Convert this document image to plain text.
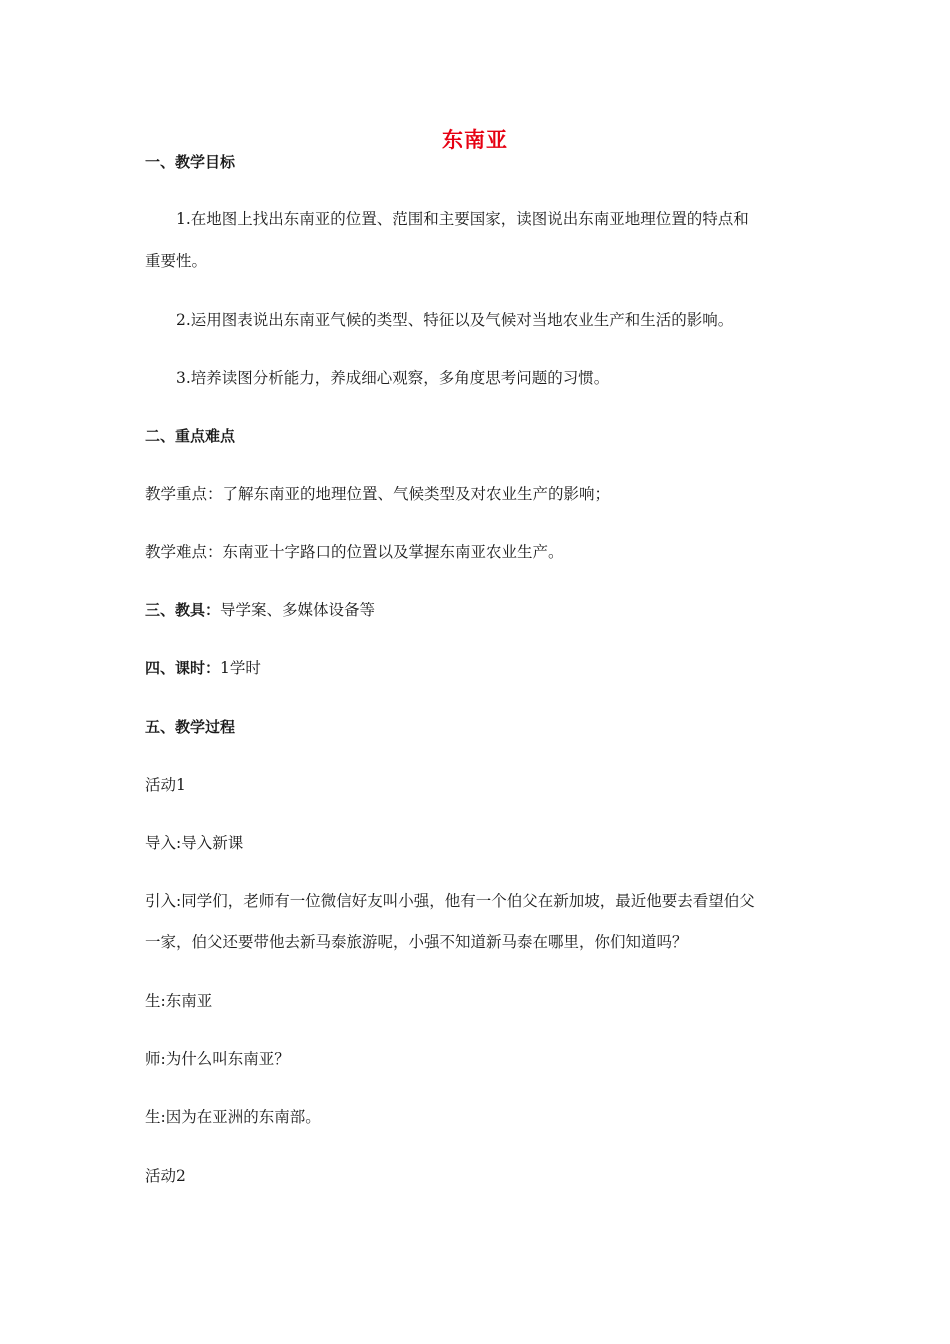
东南亚
一、教学目标
1.在地图上找出东南亚的位置、范围和主要国家，读图说出东南亚地理位置的特点和
重要性。
2.运用图表说出东南亚气候的类型、特征以及气候对当地农业生产和生活的影响。
3.培养读图分析能力，养成细心观察，多角度思考问题的习惯。
二、重点难点
教学重点：了解东南亚的地理位置、气候类型及对农业生产的影响；
教学难点：东南亚十字路口的位置以及掌握东南亚农业生产。
三、教具：导学案、多媒体设备等
四、课时：1学时
五、教学过程
活动1
导入:导入新课
引入:同学们，老师有一位微信好友叫小强，他有一个伯父在新加坡，最近他要去看望伯父
一家，伯父还要带他去新马泰旅游呢，小强不知道新马泰在哪里，你们知道吗？
生:东南亚
师:为什么叫东南亚？
生:因为在亚洲的东南部。
活动2
